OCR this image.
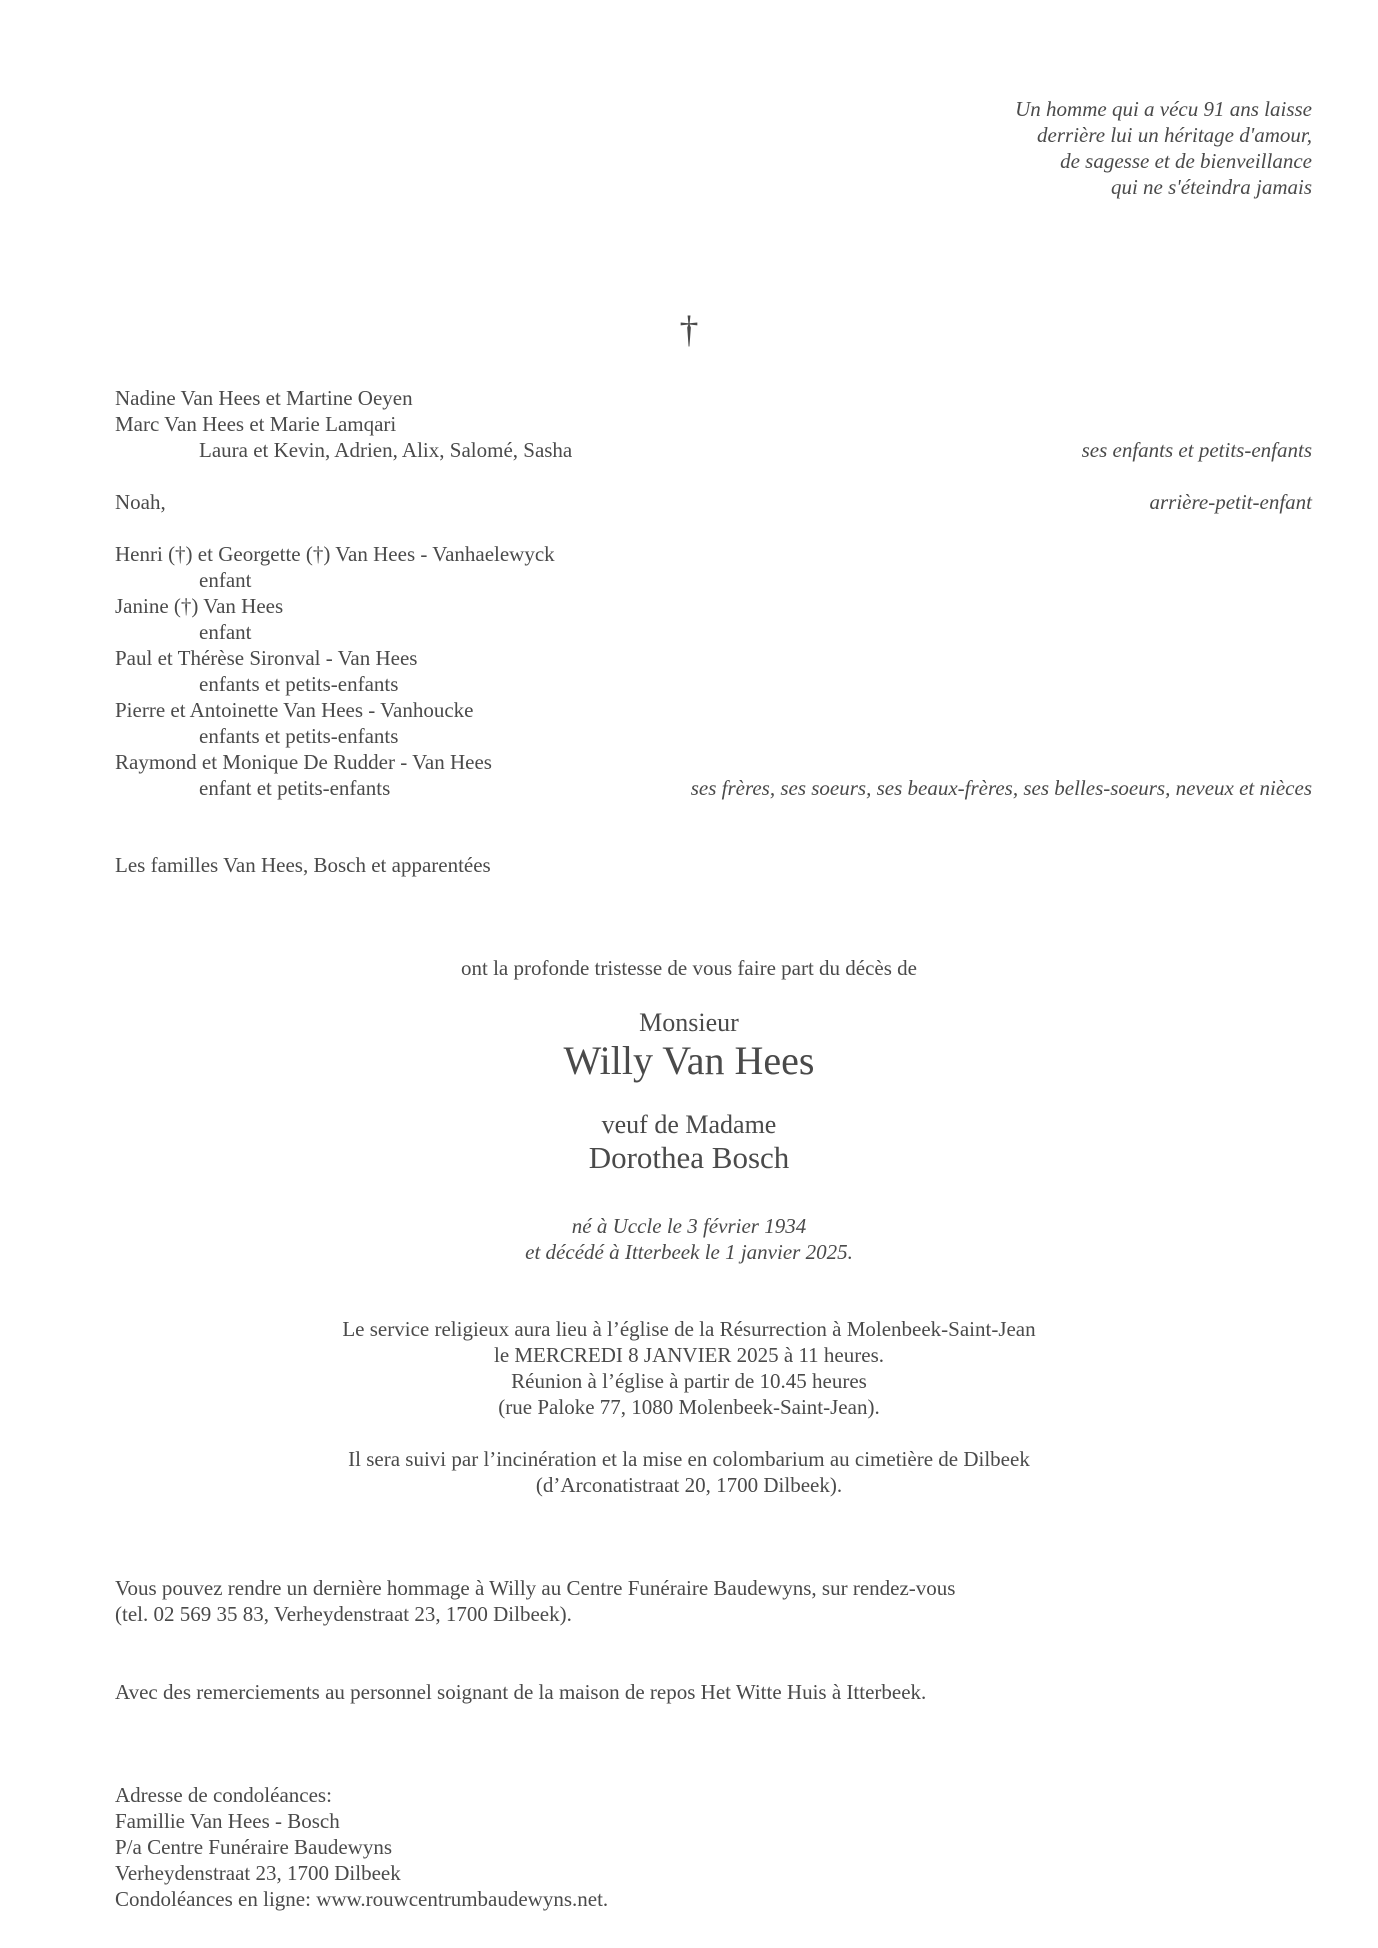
Un homme qui a vécu 91 ans laisse
derrière lui un héritage d'amour,
de sagesse et de bienveillance
qui ne s'éteindra jamais
†
Nadine Van Hees et Martine Oeyen
Marc Van Hees et Marie Lamqari
Laura et Kevin, Adrien, Alix, Salomé, Sasha	ses enfants et petits-enfants
Noah,	arrière-petit-enfant
Henri (†) et Georgette (†) Van Hees - Vanhaelewyck
enfant
Janine (†) Van Hees
enfant
Paul et Thérèse Sironval - Van Hees
enfants et petits-enfants
Pierre et Antoinette Van Hees - Vanhoucke
enfants et petits-enfants
Raymond et Monique De Rudder - Van Hees
enfant et petits-enfants	ses frères, ses soeurs, ses beaux-frères, ses belles-soeurs, neveux et nièces
Les familles Van Hees, Bosch et apparentées
ont la profonde tristesse de vous faire part du décès de
Monsieur
Willy Van Hees
veuf de Madame
Dorothea Bosch
né à Uccle le 3 février 1934
et décédé à Itterbeek le 1 janvier 2025.
Le service religieux aura lieu à l’église de la Résurrection à Molenbeek-Saint-Jean
le MERCREDI 8 JANVIER 2025 à 11 heures.
Réunion à l’église à partir de 10.45 heures
(rue Paloke 77, 1080 Molenbeek-Saint-Jean).
Il sera suivi par l’incinération et la mise en colombarium au cimetière de Dilbeek
(d’Arconatistraat 20, 1700 Dilbeek).
Vous pouvez rendre un dernière hommage à Willy au Centre Funéraire Baudewyns, sur rendez-vous
(tel. 02 569 35 83, Verheydenstraat 23, 1700 Dilbeek).
Avec des remerciements au personnel soignant de la maison de repos Het Witte Huis à Itterbeek.
Adresse de condoléances:
Famillie Van Hees - Bosch
P/a Centre Funéraire Baudewyns
Verheydenstraat 23, 1700 Dilbeek
Condoléances en ligne: www.rouwcentrumbaudewyns.net.
